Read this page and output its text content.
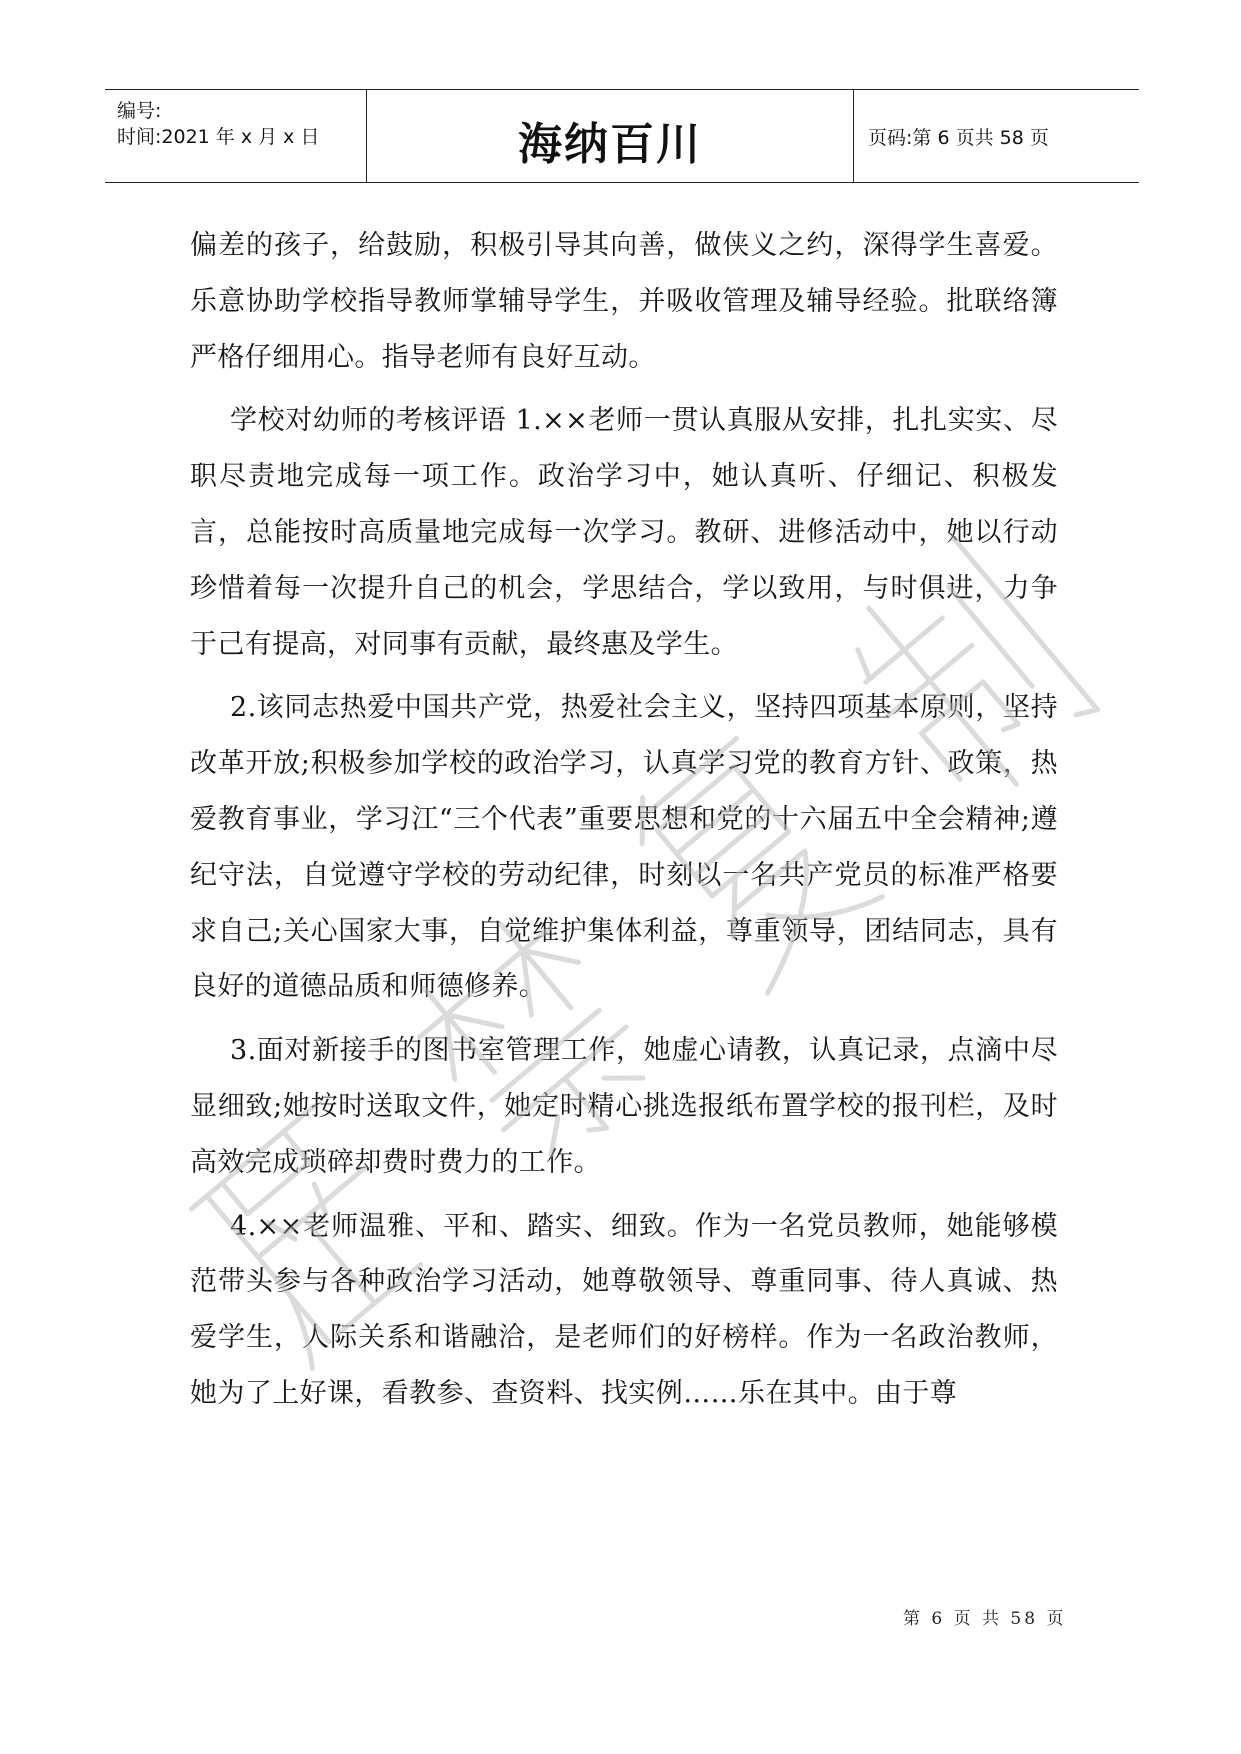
编号:
时间:2021 年 x 月 x 日	海纳百川	页码:第 6 页共 58 页

偏差的孩子，给鼓励，积极引导其向善，做侠义之约，深得学生喜爱。乐意协助学校指导教师掌辅导学生，并吸收管理及辅导经验。批联络簿严格仔细用心。指导老师有良好互动。

学校对幼师的考核评语 1.××老师一贯认真服从安排，扎扎实实、尽职尽责地完成每一项工作。政治学习中，她认真听、仔细记、积极发言，总能按时高质量地完成每一次学习。教研、进修活动中，她以行动珍惜着每一次提升自己的机会，学思结合，学以致用，与时俱进，力争于己有提高，对同事有贡献，最终惠及学生。

2.该同志热爱中国共产党，热爱社会主义，坚持四项基本原则，坚持改革开放;积极参加学校的政治学习，认真学习党的教育方针、政策，热爱教育事业，学习江“三个代表”重要思想和党的十六届五中全会精神;遵纪守法，自觉遵守学校的劳动纪律，时刻以一名共产党员的标准严格要求自己;关心国家大事，自觉维护集体利益，尊重领导，团结同志，具有良好的道德品质和师德修养。

3.面对新接手的图书室管理工作，她虚心请教，认真记录，点滴中尽显细致;她按时送取文件，她定时精心挑选报纸布置学校的报刊栏，及时高效完成琐碎却费时费力的工作。

4.××老师温雅、平和、踏实、细致。作为一名党员教师，她能够模范带头参与各种政治学习活动，她尊敬领导、尊重同事、待人真诚、热爱学生，人际关系和谐融洽，是老师们的好榜样。作为一名政治教师，她为了上好课，看教参、查资料、找实例……乐在其中。由于尊

第 6 页 共 58 页
